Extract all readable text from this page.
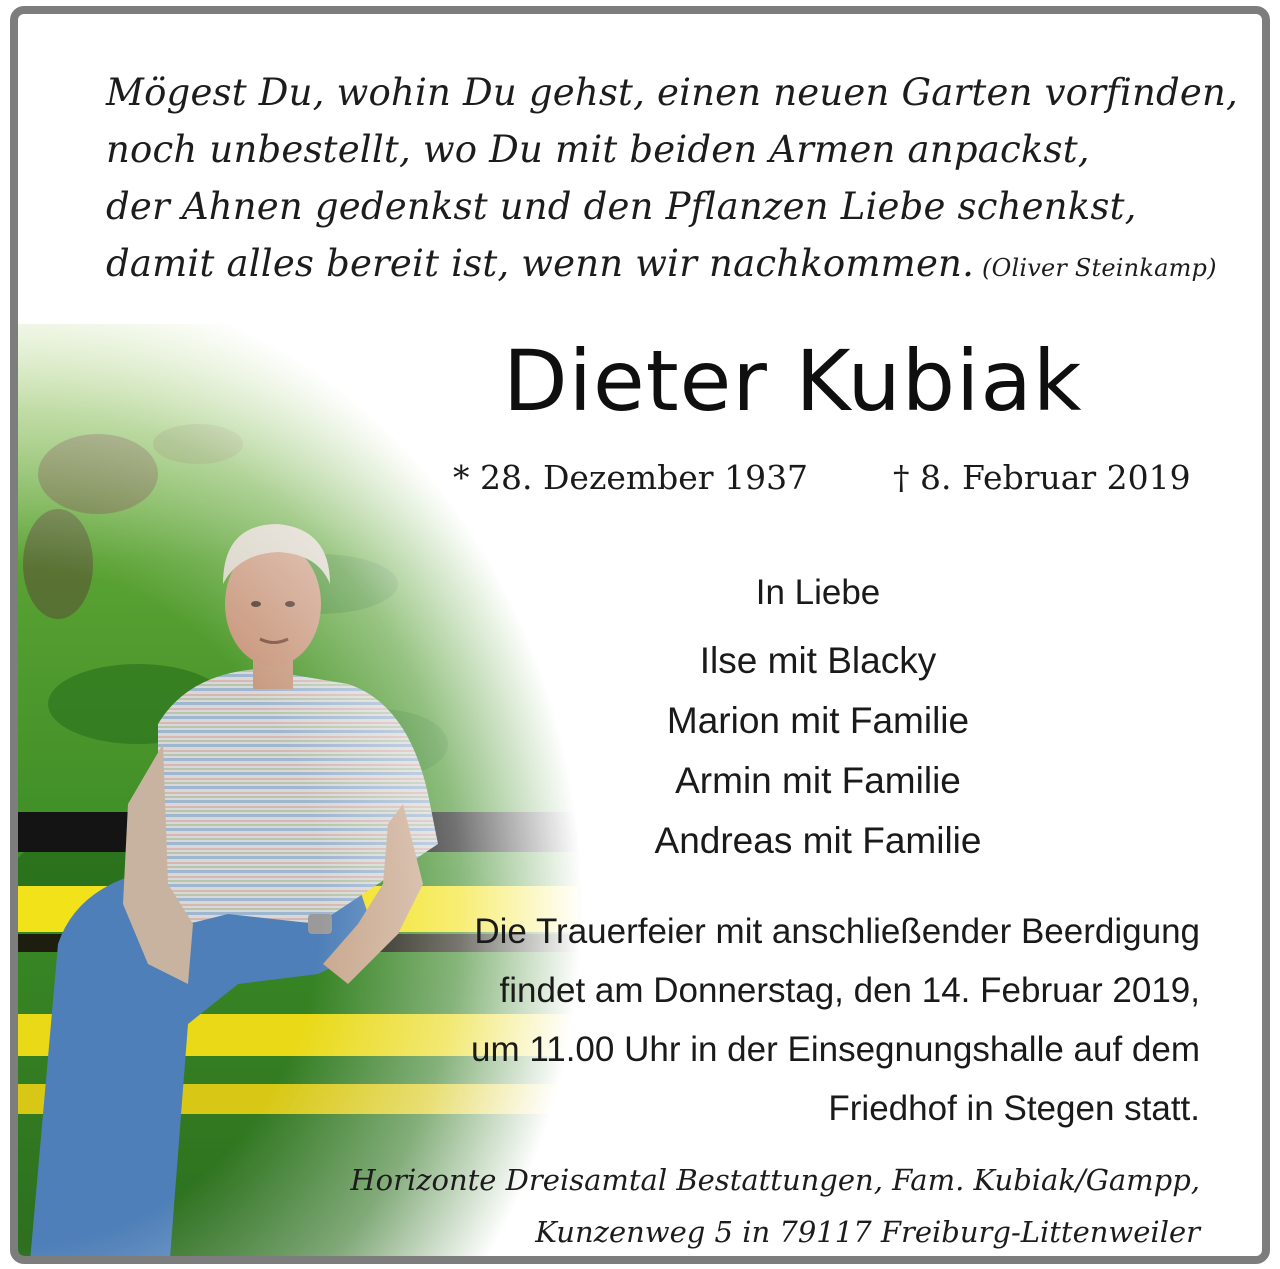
Mögest Du, wohin Du gehst, einen neuen Garten vorfinden,
noch unbestellt, wo Du mit beiden Armen anpackst,
der Ahnen gedenkst und den Pflanzen Liebe schenkst,
damit alles bereit ist, wenn wir nachkommen. (Oliver Steinkamp)
Dieter Kubiak
* 28. Dezember 1937	† 8. Februar 2019
In Liebe
Ilse mit Blacky
Marion mit Familie
Armin mit Familie
Andreas mit Familie
Die Trauerfeier mit anschließender Beerdigung
findet am Donnerstag, den 14. Februar 2019,
um 11.00 Uhr in der Einsegnungshalle auf dem
Friedhof in Stegen statt.
Horizonte Dreisamtal Bestattungen, Fam. Kubiak/Gampp,
Kunzenweg 5 in 79117 Freiburg-Littenweiler
